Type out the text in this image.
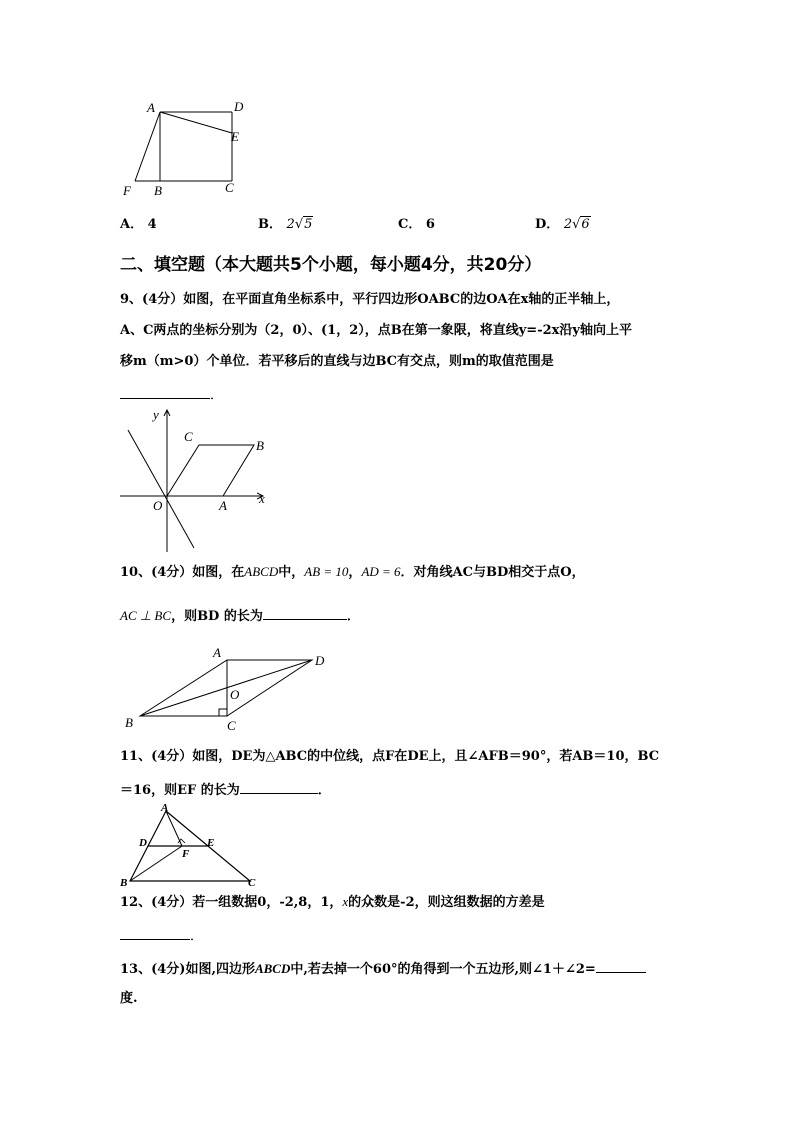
A	D
E
F B	C
A． 4	B． 2√5	C． 6	D． 2√6
二、填空题（本大题共5个小题，每小题4分，共20分）
9、(4分）如图，在平面直角坐标系中，平行四边形OABC的边OA在x轴的正半轴上，
A、C两点的坐标分别为（2，0）、(1，2），点B在第一象限，将直线y=-2x沿y轴向上平
移m（m>0）个单位．若平移后的直线与边BC有交点，则m的取值范围是
．
y
x
C
B
O	A
10、(4分）如图，在ABCD中，AB = 10，AD = 6．对角线AC与BD相交于点O，
AC ⊥ BC，则BD 的长为	．
A
D
O
B	C
11、(4分）如图，DE为△ABC的中位线，点F在DE上，且∠AFB＝90°，若AB＝10，BC
＝16，则EF 的长为	．
A
D	E
F
B	C
12、(4分）若一组数据0，-2,8，1，x的众数是-2，则这组数据的方差是
．
13、(4分)如图,四边形ABCD中,若去掉一个60°的角得到一个五边形,则∠1＋∠2=
度.
